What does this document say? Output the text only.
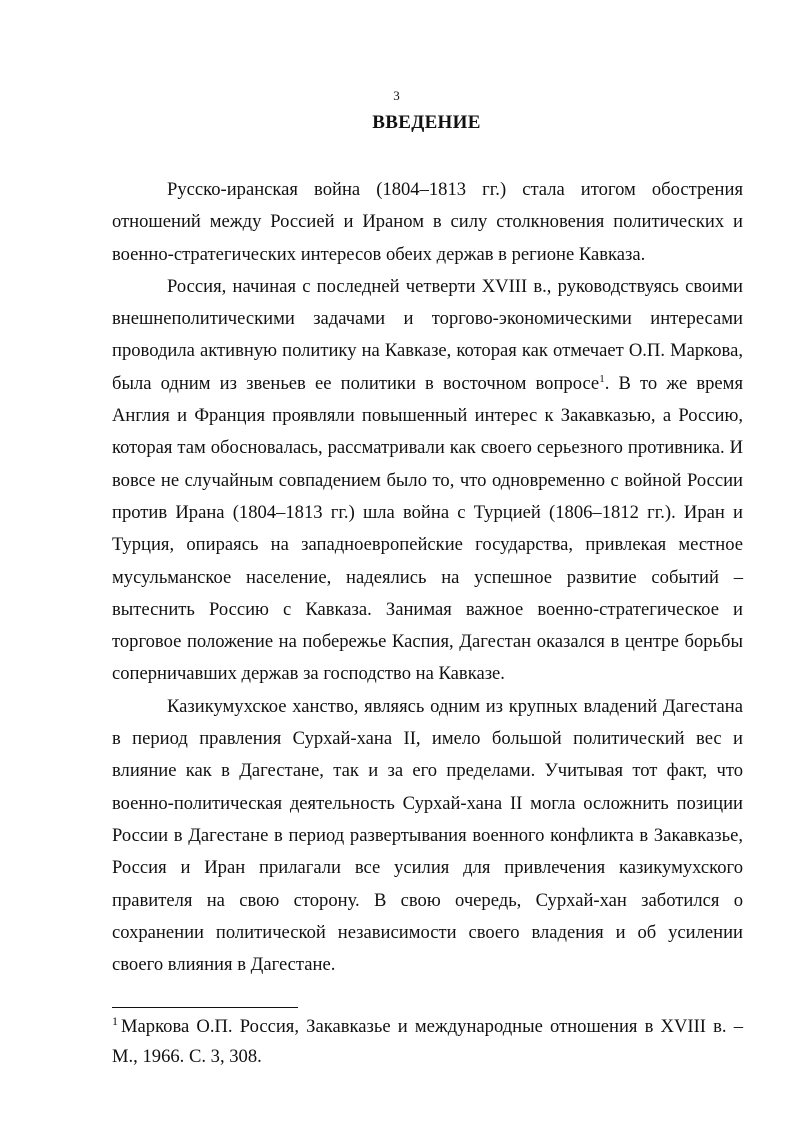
3
ВВЕДЕНИЕ

Русско-иранская война (1804–1813 гг.) стала итогом обострения отношений между Россией и Ираном в силу столкновения политических и военно-стратегических интересов обеих держав в регионе Кавказа.

Россия, начиная с последней четверти XVIII в., руководствуясь своими внешнеполитическими задачами и торгово-экономическими интересами проводила активную политику на Кавказе, которая как отмечает О.П. Маркова, была одним из звеньев ее политики в восточном вопросе$^1$. В то же время Англия и Франция проявляли повышенный интерес к Закавказью, а Россию, которая там обосновалась, рассматривали как своего серьезного противника. И вовсе не случайным совпадением было то, что одновременно с войной России против Ирана (1804–1813 гг.) шла война с Турцией (1806–1812 гг.). Иран и Турция, опираясь на западноевропейские государства, привлекая местное мусульманское население, надеялись на успешное развитие событий – вытеснить Россию с Кавказа. Занимая важное военно-стратегическое и торговое положение на побережье Каспия, Дагестан оказался в центре борьбы соперничавших держав за господство на Кавказе.

Казикумухское ханство, являясь одним из крупных владений Дагестана в период правления Сурхай-хана II, имело большой политический вес и влияние как в Дагестане, так и за его пределами. Учитывая тот факт, что военно-политическая деятельность Сурхай-хана II могла осложнить позиции России в Дагестане в период развертывания военного конфликта в Закавказье, Россия и Иран прилагали все усилия для привлечения казикумухского правителя на свою сторону. В свою очередь, Сурхай-хан заботился о сохранении политической независимости своего владения и об усилении своего влияния в Дагестане.

$^1$ Маркова О.П. Россия, Закавказье и международные отношения в XVIII в. – М., 1966. С. 3, 308.
